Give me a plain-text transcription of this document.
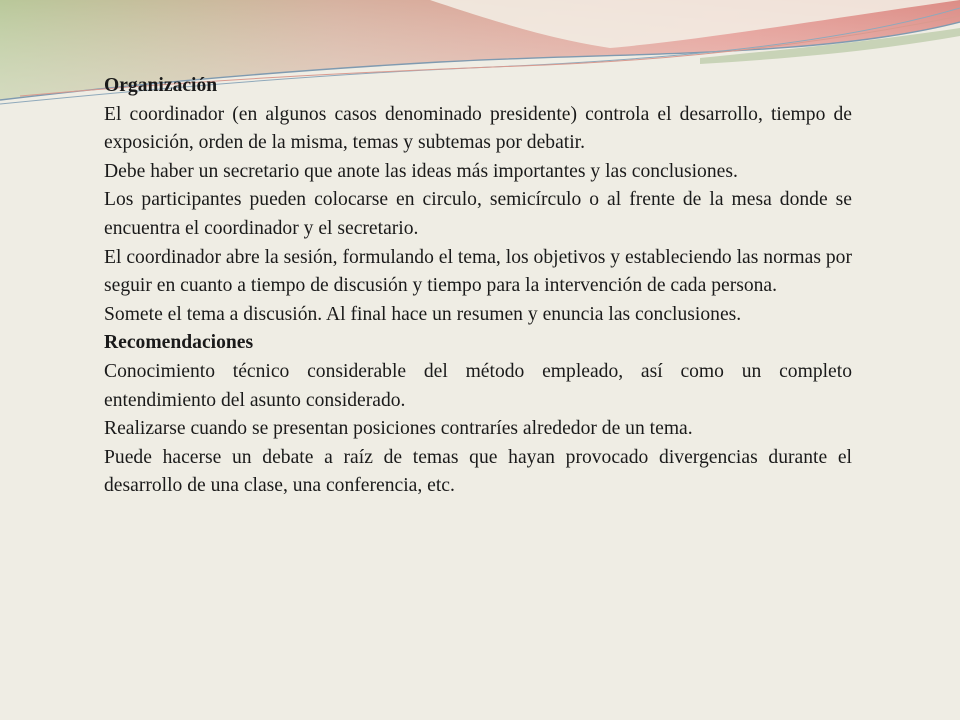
Organización

El coordinador (en algunos casos denominado presidente) controla el desarrollo, tiempo de exposición, orden de la misma, temas y subtemas por debatir.

Debe haber un secretario que anote las ideas más importantes y las conclusiones.

Los participantes pueden colocarse en circulo, semicírculo o al frente de la mesa donde se encuentra el coordinador y el secretario.

El coordinador abre la sesión, formulando el tema, los objetivos y estableciendo las normas por seguir en cuanto a tiempo de discusión y tiempo para la intervención de cada persona.

Somete el tema a discusión. Al final hace un resumen y enuncia las conclusiones.

Recomendaciones

Conocimiento técnico considerable del método empleado, así como un completo entendimiento del asunto considerado.

Realizarse cuando se presentan posiciones contraríes alrededor de un tema.

Puede hacerse un debate a raíz de temas que hayan provocado divergencias durante el desarrollo de una clase, una conferencia, etc.
